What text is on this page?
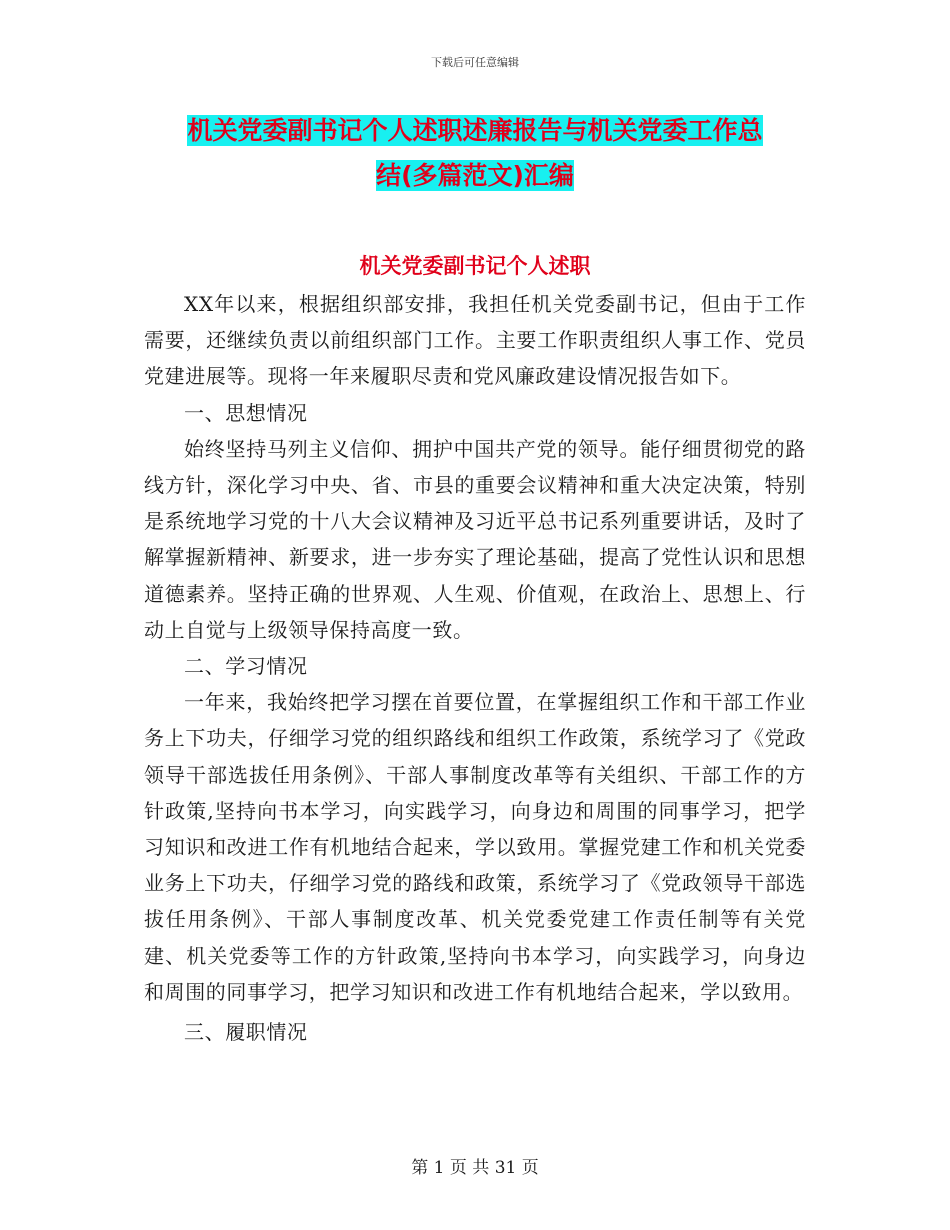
下载后可任意编辑
机关党委副书记个人述职述廉报告与机关党委工作总
结(多篇范文)汇编
机关党委副书记个人述职

XX年以来，根据组织部安排，我担任机关党委副书记，但由于工作需要，还继续负责以前组织部门工作。主要工作职责组织人事工作、党员党建进展等。现将一年来履职尽责和党风廉政建设情况报告如下。

一、思想情况

始终坚持马列主义信仰、拥护中国共产党的领导。能仔细贯彻党的路线方针，深化学习中央、省、市县的重要会议精神和重大决定决策，特别是系统地学习党的十八大会议精神及习近平总书记系列重要讲话，及时了解掌握新精神、新要求，进一步夯实了理论基础，提高了党性认识和思想道德素养。坚持正确的世界观、人生观、价值观，在政治上、思想上、行动上自觉与上级领导保持高度一致。

二、学习情况

一年来，我始终把学习摆在首要位置，在掌握组织工作和干部工作业务上下功夫，仔细学习党的组织路线和组织工作政策，系统学习了《党政领导干部选拔任用条例》、干部人事制度改革等有关组织、干部工作的方针政策,坚持向书本学习，向实践学习，向身边和周围的同事学习，把学习知识和改进工作有机地结合起来，学以致用。掌握党建工作和机关党委业务上下功夫，仔细学习党的路线和政策，系统学习了《党政领导干部选拔任用条例》、干部人事制度改革、机关党委党建工作责任制等有关党建、机关党委等工作的方针政策,坚持向书本学习，向实践学习，向身边和周围的同事学习，把学习知识和改进工作有机地结合起来，学以致用。

三、履职情况

第 1 页 共 31 页
